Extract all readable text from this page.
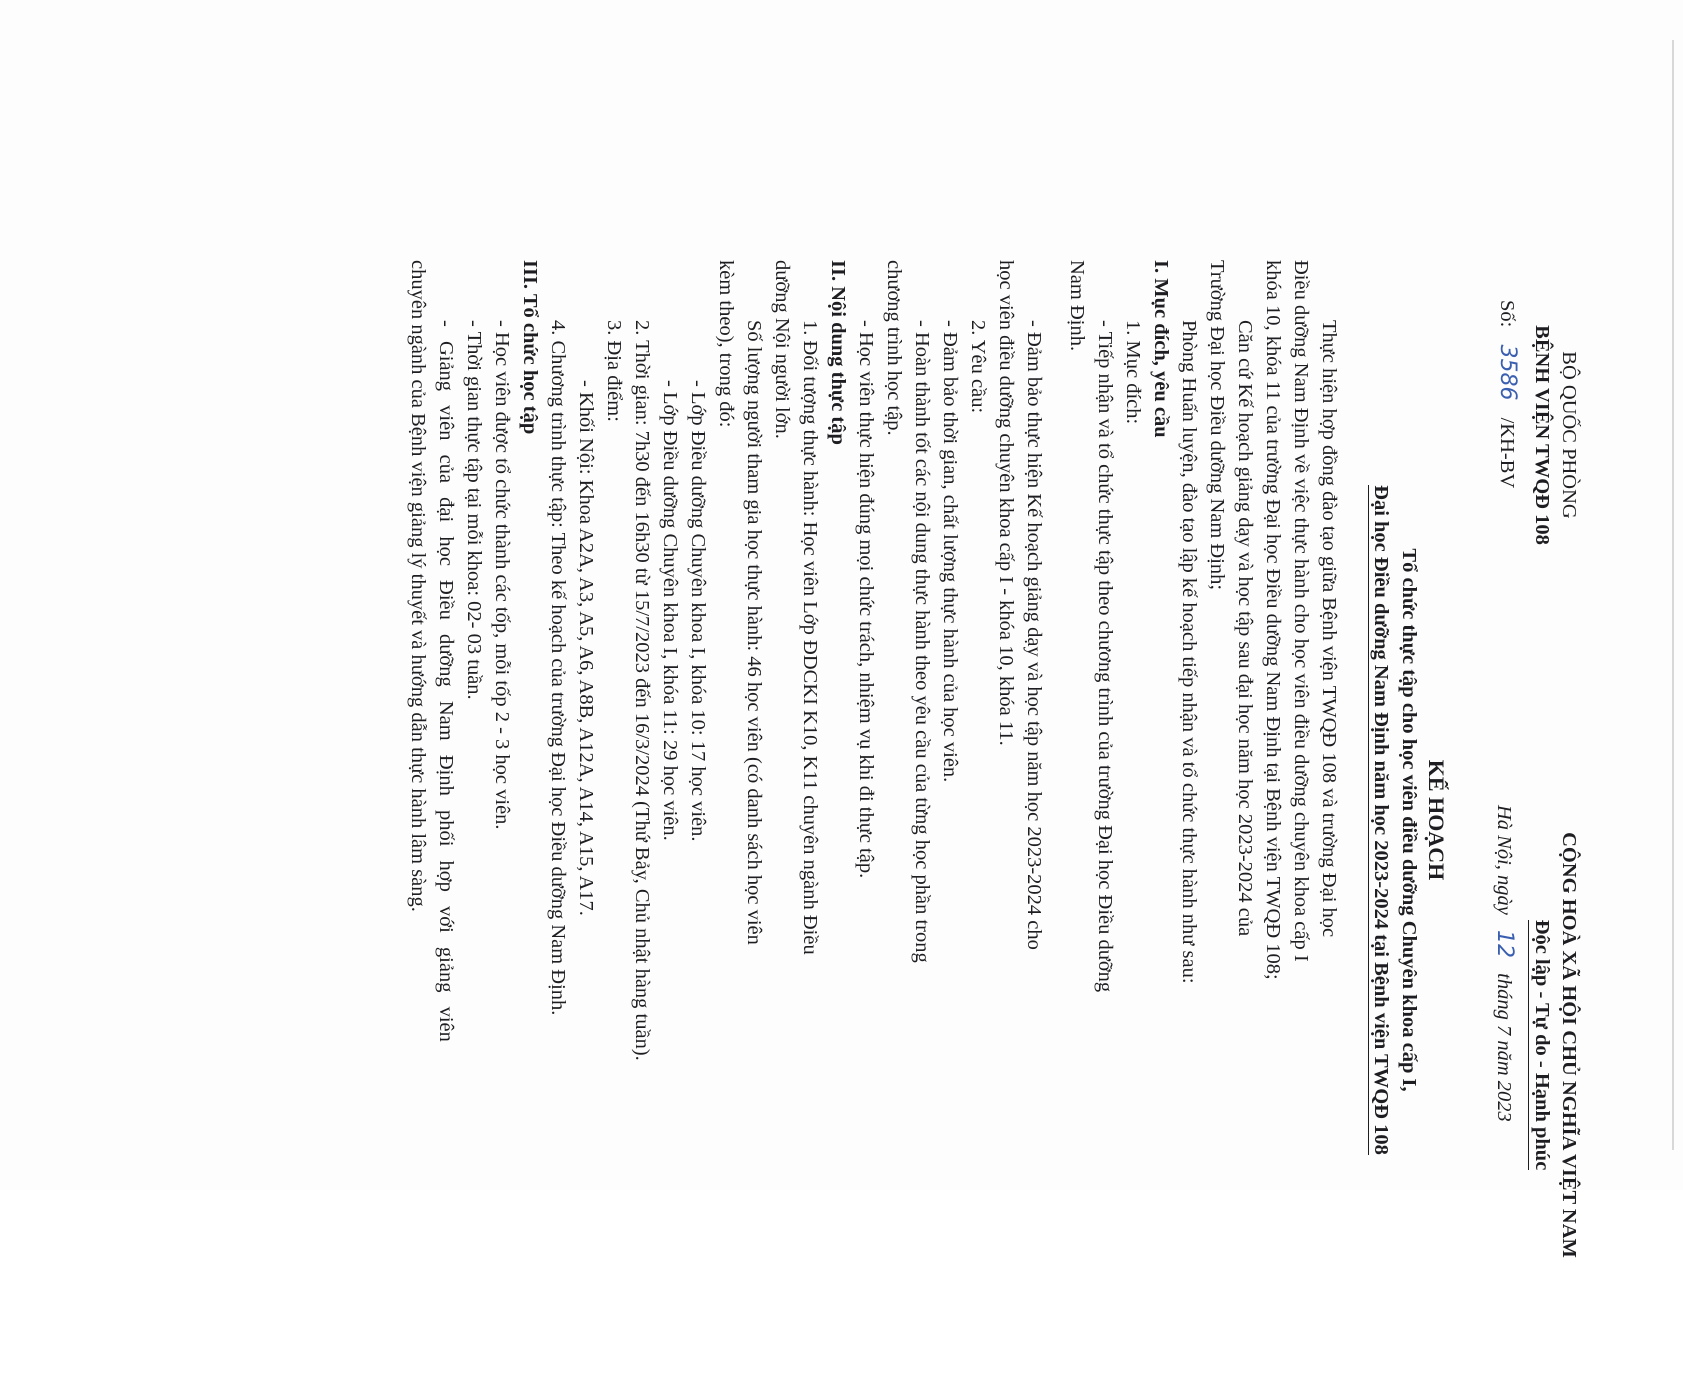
BỘ QUỐC PHÒNG
BỆNH VIỆN TWQĐ 108
Số: 3586 /KH-BV
CỘNG HOÀ XÃ HỘI CHỦ NGHĨA VIỆT NAM
Độc lập - Tự do - Hạnh phúc
Hà Nội, ngày 12 tháng 7 năm 2023
KẾ HOẠCH
Tổ chức thực tập cho học viên điều dưỡng Chuyên khoa cấp I,
Đại học Điều dưỡng Nam Định năm học 2023-2024 tại Bệnh viện TWQĐ 108
Thực hiện hợp đồng đào tạo giữa Bệnh viện TWQĐ 108 và trường Đại học
Điều dưỡng Nam Định về việc thực hành cho học viên điều dưỡng chuyên khoa cấp I
khóa 10, khóa 11 của trường Đại học Điều dưỡng Nam Định tại Bệnh viện TWQĐ 108;
Căn cứ Kế hoạch giảng dạy và học tập sau đại học năm học 2023-2024 của
Trường Đại học Điều dưỡng Nam Định;
Phòng Huấn luyện, đào tạo lập kế hoạch tiếp nhận và tổ chức thực hành như sau:
I. Mục đích, yêu cầu
1. Mục đích:
- Tiếp nhận và tổ chức thực tập theo chương trình của trường Đại học Điều dưỡng
Nam Định.
- Đảm bảo thực hiện Kế hoạch giảng dạy và học tập năm học 2023-2024 cho
học viên điều dưỡng chuyên khoa cấp I - khóa 10, khóa 11.
2. Yêu cầu:
- Đảm bảo thời gian, chất lượng thực hành của học viên.
- Hoàn thành tốt các nội dung thực hành theo yêu cầu của từng học phần trong
chương trình học tập.
- Học viên thực hiện đúng mọi chức trách, nhiệm vụ khi đi thực tập.
II. Nội dung thực tập
1. Đối tượng thực hành: Học viên Lớp ĐDCKI K10, K11 chuyên ngành Điều
dưỡng Nội người lớn.
Số lượng người tham gia học thực hành: 46 học viên (có danh sách học viên
kèm theo), trong đó:
- Lớp Điều dưỡng Chuyên khoa I, khóa 10: 17 học viên.
- Lớp Điều dưỡng Chuyên khoa I, khóa 11: 29 học viên.
2. Thời gian: 7h30 đến 16h30 từ 15/7/2023 đến 16/3/2024 (Thứ Bảy, Chủ nhật hàng tuần).
3. Địa điểm:
- Khối Nội: Khoa A2A, A3, A5, A6, A8B, A12A, A14, A15, A17.
4. Chương trình thực tập: Theo kế hoạch của trường Đại học Điều dưỡng Nam Định.
III. Tổ chức học tập
- Học viên được tổ chức thành các tốp, mỗi tốp 2 - 3 học viên.
- Thời gian thực tập tại mỗi khoa: 02- 03 tuần.
- Giảng viên của đại học Điều dưỡng Nam Định phối hợp với giảng viên
chuyên ngành của Bệnh viện giảng lý thuyết và hướng dẫn thực hành lâm sàng.
